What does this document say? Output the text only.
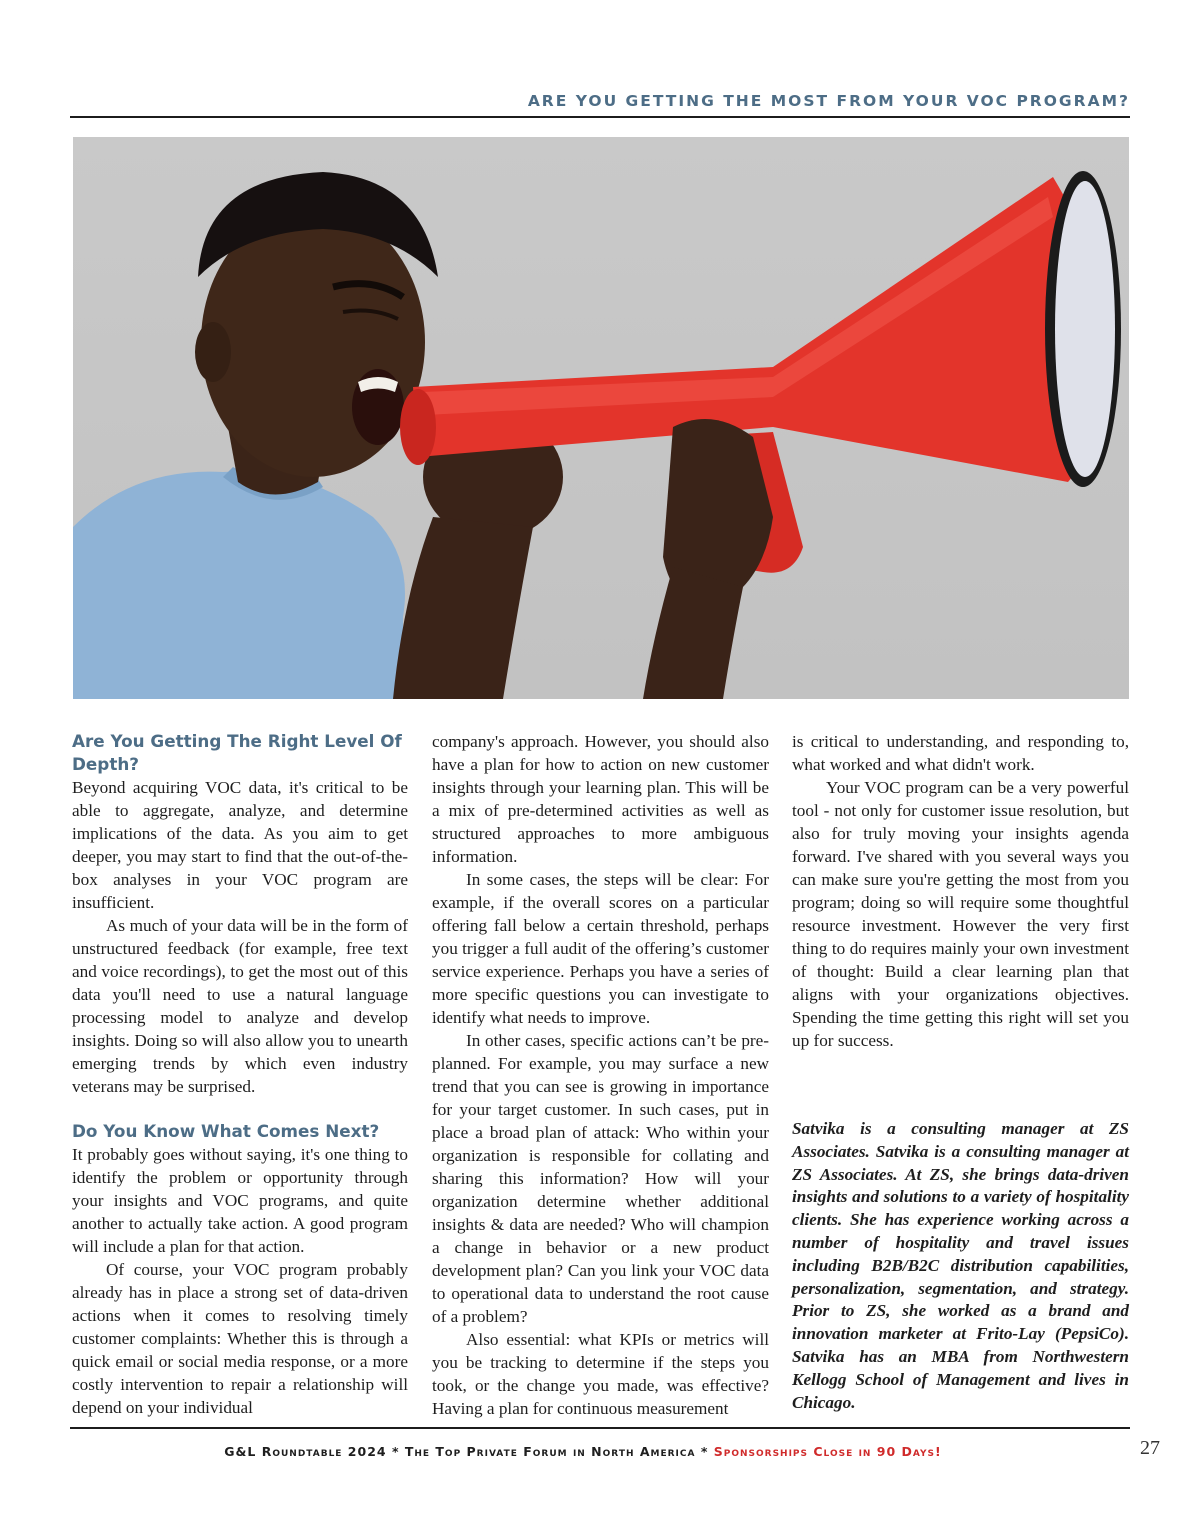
ARE YOU GETTING THE MOST FROM YOUR VOC PROGRAM?
Are You Getting The Right Level Of Depth?

Beyond acquiring VOC data, it's critical to be able to aggregate, analyze, and determine implications of the data. As you aim to get deeper, you may start to find that the out-of-the-box analyses in your VOC program are insufficient.

As much of your data will be in the form of unstructured feedback (for example, free text and voice recordings), to get the most out of this data you'll need to use a natural language processing model to analyze and develop insights. Doing so will also allow you to unearth emerging trends by which even industry veterans may be surprised.

Do You Know What Comes Next?

It probably goes without saying, it's one thing to identify the problem or opportunity through your insights and VOC programs, and quite another to actually take action. A good program will include a plan for that action.

Of course, your VOC program probably already has in place a strong set of data-driven actions when it comes to resolving timely customer complaints: Whether this is through a quick email or social media response, or a more costly intervention to repair a relationship will depend on your individual

company's approach. However, you should also have a plan for how to action on new customer insights through your learning plan. This will be a mix of pre-determined activities as well as structured approaches to more ambiguous information.

In some cases, the steps will be clear: For example, if the overall scores on a particular offering fall below a certain threshold, perhaps you trigger a full audit of the offering’s customer service experience. Perhaps you have a series of more specific questions you can investigate to identify what needs to improve.

In other cases, specific actions can’t be pre-planned. For example, you may surface a new trend that you can see is growing in importance for your target customer. In such cases, put in place a broad plan of attack: Who within your organization is responsible for collating and sharing this information? How will your organization determine whether additional insights & data are needed? Who will champion a change in behavior or a new product development plan? Can you link your VOC data to operational data to understand the root cause of a problem?

Also essential: what KPIs or metrics will you be tracking to determine if the steps you took, or the change you made, was effective? Having a plan for continuous measurement

is critical to understanding, and responding to, what worked and what didn't work.

Your VOC program can be a very powerful tool - not only for customer issue resolution, but also for truly moving your insights agenda forward. I've shared with you several ways you can make sure you're getting the most from you program; doing so will require some thoughtful resource investment. However the very first thing to do requires mainly your own investment of thought: Build a clear learning plan that aligns with your organizations objectives. Spending the time getting this right will set you up for success.

Satvika is a consulting manager at ZS Associates. Satvika is a consulting manager at ZS Associates. At ZS, she brings data-driven insights and solutions to a variety of hospitality clients. She has experience working across a number of hospitality and travel issues including B2B/B2C distribution capabilities, personalization, segmentation, and strategy. Prior to ZS, she worked as a brand and innovation marketer at Frito-Lay (PepsiCo). Satvika has an MBA from Northwestern Kellogg School of Management and lives in Chicago.
G&L Roundtable 2024 * The Top Private Forum in North America * Sponsorships Close in 90 Days!	27
